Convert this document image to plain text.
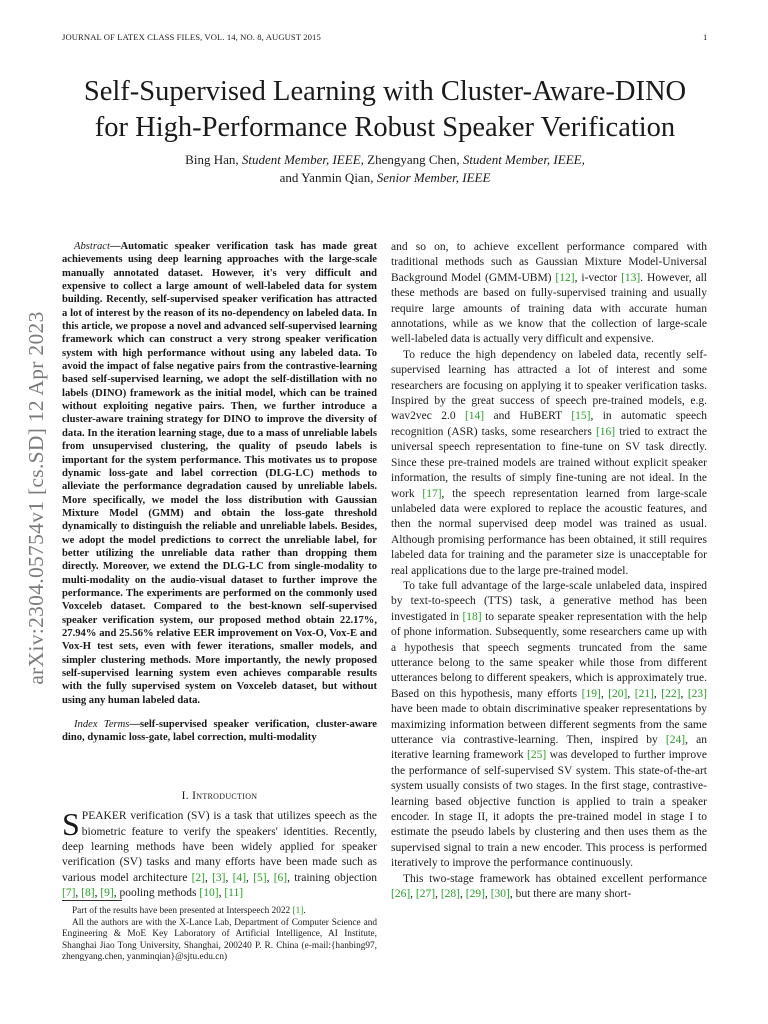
JOURNAL OF LATEX CLASS FILES, VOL. 14, NO. 8, AUGUST 2015	1
arXiv:2304.05754v1 [cs.SD] 12 Apr 2023
Self-Supervised Learning with Cluster-Aware-DINO
for High-Performance Robust Speaker Verification
Bing Han, Student Member, IEEE, Zhengyang Chen, Student Member, IEEE,
and Yanmin Qian, Senior Member, IEEE

Abstract—Automatic speaker verification task has made great achievements using deep learning approaches with the large-scale manually annotated dataset. However, it's very difficult and expensive to collect a large amount of well-labeled data for system building. Recently, self-supervised speaker verification has attracted a lot of interest by the reason of its no-dependency on labeled data. In this article, we propose a novel and advanced self-supervised learning framework which can construct a very strong speaker verification system with high performance without using any labeled data. To avoid the impact of false negative pairs from the contrastive-learning based self-supervised learning, we adopt the self-distillation with no labels (DINO) framework as the initial model, which can be trained without exploiting negative pairs. Then, we further introduce a cluster-aware training strategy for DINO to improve the diversity of data. In the iteration learning stage, due to a mass of unreliable labels from unsupervised clustering, the quality of pseudo labels is important for the system performance. This motivates us to propose dynamic loss-gate and label correction (DLG-LC) methods to alleviate the performance degradation caused by unreliable labels. More specifically, we model the loss distribution with Gaussian Mixture Model (GMM) and obtain the loss-gate threshold dynamically to distinguish the reliable and unreliable labels. Besides, we adopt the model predictions to correct the unreliable label, for better utilizing the unreliable data rather than dropping them directly. Moreover, we extend the DLG-LC from single-modality to multi-modality on the audio-visual dataset to further improve the performance. The experiments are performed on the commonly used Voxceleb dataset. Compared to the best-known self-supervised speaker verification system, our proposed method obtain 22.17%, 27.94% and 25.56% relative EER improvement on Vox-O, Vox-E and Vox-H test sets, even with fewer iterations, smaller models, and simpler clustering methods. More importantly, the newly proposed self-supervised learning system even achieves comparable results with the fully supervised system on Voxceleb dataset, but without using any human labeled data.

Index Terms—self-supervised speaker verification, cluster-aware dino, dynamic loss-gate, label correction, multi-modality

I. Introduction

SPEAKER verification (SV) is a task that utilizes speech as the biometric feature to verify the speakers' identities. Recently, deep learning methods have been widely applied for speaker verification (SV) tasks and many efforts have been made such as various model architecture [2], [3], [4], [5], [6], training objection [7], [8], [9], pooling methods [10], [11]

Part of the results have been presented at Interspeech 2022 [1].

All the authors are with the X-Lance Lab, Department of Computer Science and Engineering & MoE Key Laboratory of Artificial Intelligence, AI Institute, Shanghai Jiao Tong University, Shanghai, 200240 P. R. China (e-mail:{hanbing97, zhengyang.chen, yanminqian}@sjtu.edu.cn)

and so on, to achieve excellent performance compared with traditional methods such as Gaussian Mixture Model-Universal Background Model (GMM-UBM) [12], i-vector [13]. However, all these methods are based on fully-supervised training and usually require large amounts of training data with accurate human annotations, while as we know that the collection of large-scale well-labeled data is actually very difficult and expensive.

To reduce the high dependency on labeled data, recently self-supervised learning has attracted a lot of interest and some researchers are focusing on applying it to speaker verification tasks. Inspired by the great success of speech pre-trained models, e.g. wav2vec 2.0 [14] and HuBERT [15], in automatic speech recognition (ASR) tasks, some researchers [16] tried to extract the universal speech representation to fine-tune on SV task directly. Since these pre-trained models are trained without explicit speaker information, the results of simply fine-tuning are not ideal. In the work [17], the speech representation learned from large-scale unlabeled data were explored to replace the acoustic features, and then the normal supervised deep model was trained as usual. Although promising performance has been obtained, it still requires labeled data for training and the parameter size is unacceptable for real applications due to the large pre-trained model.

To take full advantage of the large-scale unlabeled data, inspired by text-to-speech (TTS) task, a generative method has been investigated in [18] to separate speaker representation with the help of phone information. Subsequently, some researchers came up with a hypothesis that speech segments truncated from the same utterance belong to the same speaker while those from different utterances belong to different speakers, which is approximately true. Based on this hypothesis, many efforts [19], [20], [21], [22], [23] have been made to obtain discriminative speaker representations by maximizing information between different segments from the same utterance via contrastive-learning. Then, inspired by [24], an iterative learning framework [25] was developed to further improve the performance of self-supervised SV system. This state-of-the-art system usually consists of two stages. In the first stage, contrastive-learning based objective function is applied to train a speaker encoder. In stage II, it adopts the pre-trained model in stage I to estimate the pseudo labels by clustering and then uses them as the supervised signal to train a new encoder. This process is performed iteratively to improve the performance continuously.

This two-stage framework has obtained excellent performance [26], [27], [28], [29], [30], but there are many short-
